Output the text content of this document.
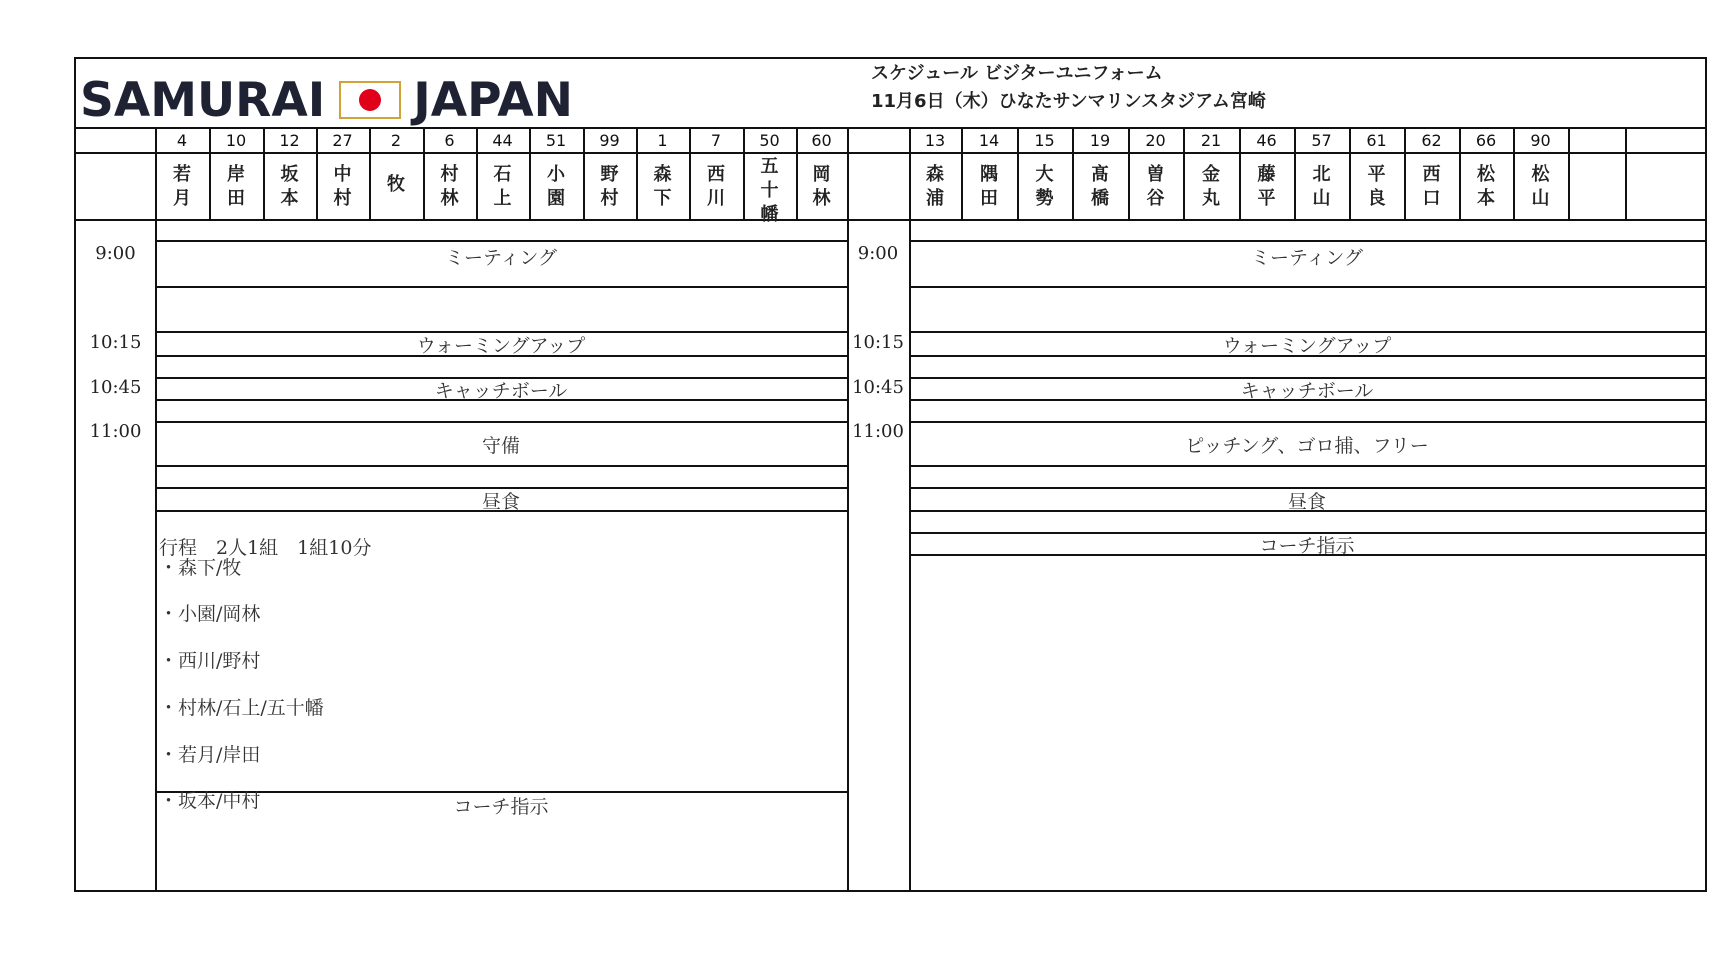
SAMURAI JAPAN	スケジュール ビジターユニフォーム
11月6日（木）ひなたサンマリンスタジアム宮崎
4
若
月
10
岸
田
12
坂
本
27
中
村
2
牧
6
村
林
44
石
上
51
小
園
99
野
村
1
森
下
7
西
川
50
五
十
幡
60
岡
林
13
森
浦
14
隅
田
15
大
勢
19
髙
橋
20
曽
谷
21
金
丸
46
藤
平
57
北
山
61
平
良
62
西
口
66
松
本
90
松
山
9:00
10:15
10:45
11:00
9:00
10:15
10:45
11:00
ミーティング
ウォーミングアップ
キャッチボール
守備
昼食
コーチ指示
ミーティング
ウォーミングアップ
キャッチボール
ピッチング、ゴロ捕、フリー
昼食
コーチ指示
行程　2人1組　1組10分
・森下/牧
・小園/岡林
・西川/野村
・村林/石上/五十幡
・若月/岸田
・坂本/中村
